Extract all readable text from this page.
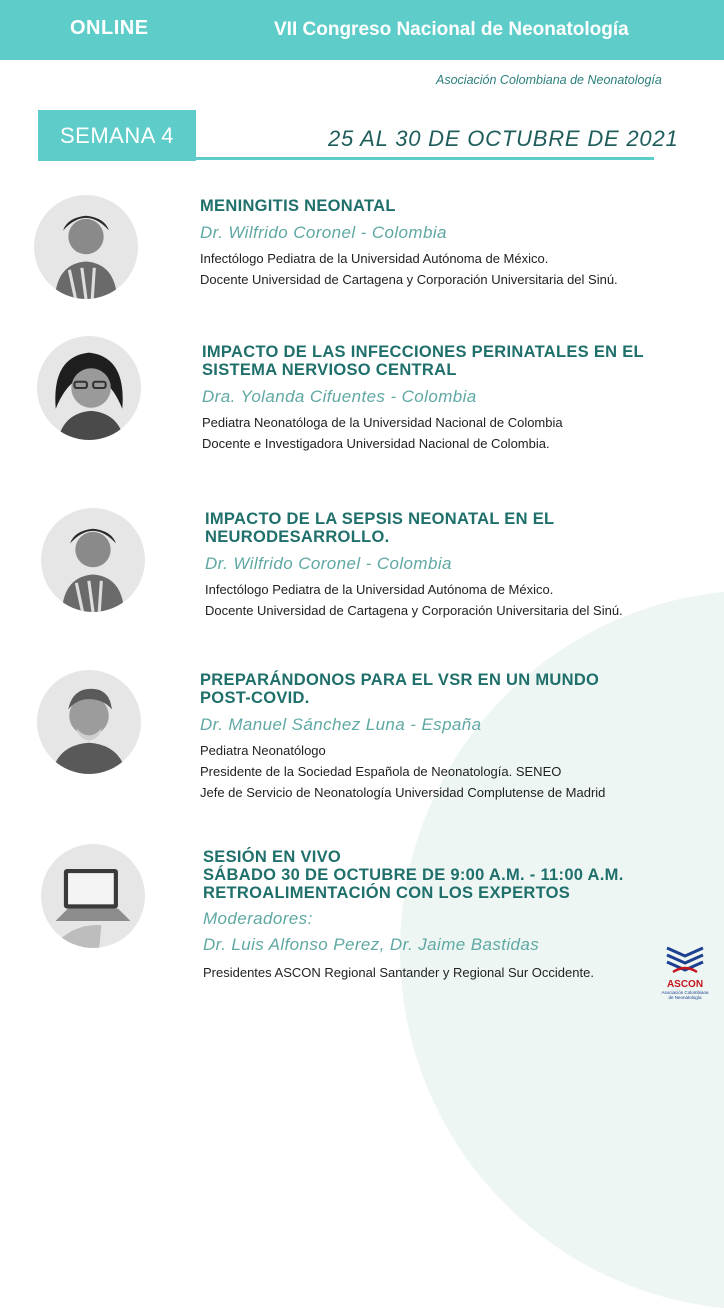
ONLINE	VII Congreso Nacional de Neonatología
Asociación Colombiana de Neonatología
SEMANA 4	25 AL 30 DE OCTUBRE DE 2021
MENINGITIS NEONATAL
Dr. Wilfrido Coronel - Colombia
Infectólogo Pediatra de la Universidad Autónoma de México.
Docente Universidad de Cartagena y Corporación Universitaria del Sinú.
IMPACTO DE LAS INFECCIONES PERINATALES EN EL
SISTEMA NERVIOSO CENTRAL
Dra. Yolanda Cifuentes - Colombia
Pediatra Neonatóloga de la Universidad Nacional de Colombia
Docente e Investigadora Universidad Nacional de Colombia.
IMPACTO DE LA SEPSIS NEONATAL EN EL
NEURODESARROLLO.
Dr. Wilfrido Coronel - Colombia
Infectólogo Pediatra de la Universidad Autónoma de México.
Docente Universidad de Cartagena y Corporación Universitaria del Sinú.
PREPARÁNDONOS PARA EL VSR EN UN MUNDO
POST-COVID.
Dr. Manuel Sánchez Luna - España
Pediatra Neonatólogo
Presidente de la Sociedad Española de Neonatología. SENEO
Jefe de Servicio de Neonatología Universidad Complutense de Madrid
SESIÓN EN VIVO
SÁBADO 30 DE OCTUBRE DE 9:00 A.M. - 11:00 A.M.
RETROALIMENTACIÓN CON LOS EXPERTOS
Moderadores:
Dr. Luis Alfonso Perez, Dr. Jaime Bastidas
Presidentes ASCON Regional Santander y Regional Sur Occidente.
ASCON
Asociación Colombiana
de Neonatología
